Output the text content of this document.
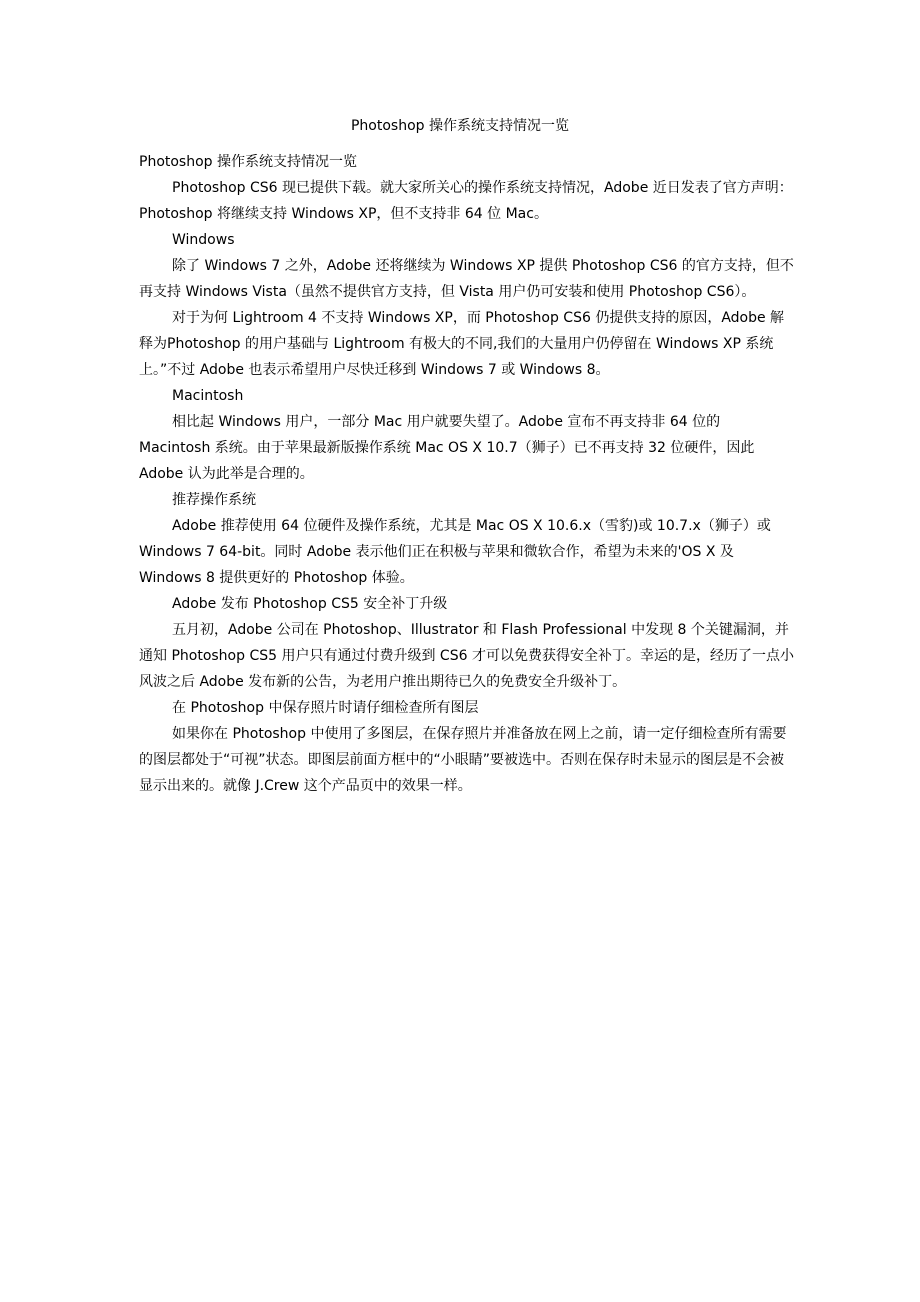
Photoshop 操作系统支持情况一览

Photoshop 操作系统支持情况一览

Photoshop CS6 现已提供下载。就大家所关心的操作系统支持情况，Adobe 近日发表了官方声明：Photoshop 将继续支持 Windows XP，但不支持非 64 位 Mac。

Windows

除了 Windows 7 之外，Adobe 还将继续为 Windows XP 提供 Photoshop CS6 的官方支持，但不再支持 Windows Vista（虽然不提供官方支持，但 Vista 用户仍可安装和使用 Photoshop CS6）。

对于为何 Lightroom 4 不支持 Windows XP，而 Photoshop CS6 仍提供支持的原因，Adobe 解释为Photoshop 的用户基础与 Lightroom 有极大的不同,我们的大量用户仍停留在 Windows XP 系统上。”不过 Adobe 也表示希望用户尽快迁移到 Windows 7 或 Windows 8。

Macintosh

相比起 Windows 用户，一部分 Mac 用户就要失望了。Adobe 宣布不再支持非 64 位的 Macintosh 系统。由于苹果最新版操作系统 Mac OS X 10.7（狮子）已不再支持 32 位硬件，因此 Adobe 认为此举是合理的。

推荐操作系统

Adobe 推荐使用 64 位硬件及操作系统，尤其是 Mac OS X 10.6.x（雪豹)或 10.7.x（狮子）或 Windows 7 64-bit。同时 Adobe 表示他们正在积极与苹果和微软合作，希望为未来的'OS X 及 Windows 8 提供更好的 Photoshop 体验。

Adobe 发布 Photoshop CS5 安全补丁升级

五月初，Adobe 公司在 Photoshop、Illustrator 和 Flash Professional 中发现 8 个关键漏洞，并通知 Photoshop CS5 用户只有通过付费升级到 CS6 才可以免费获得安全补丁。幸运的是，经历了一点小风波之后 Adobe 发布新的公告，为老用户推出期待已久的免费安全升级补丁。

在 Photoshop 中保存照片时请仔细检查所有图层

如果你在 Photoshop 中使用了多图层，在保存照片并准备放在网上之前，请一定仔细检查所有需要的图层都处于“可视”状态。即图层前面方框中的“小眼睛”要被选中。否则在保存时未显示的图层是不会被显示出来的。就像 J.Crew 这个产品页中的效果一样。
